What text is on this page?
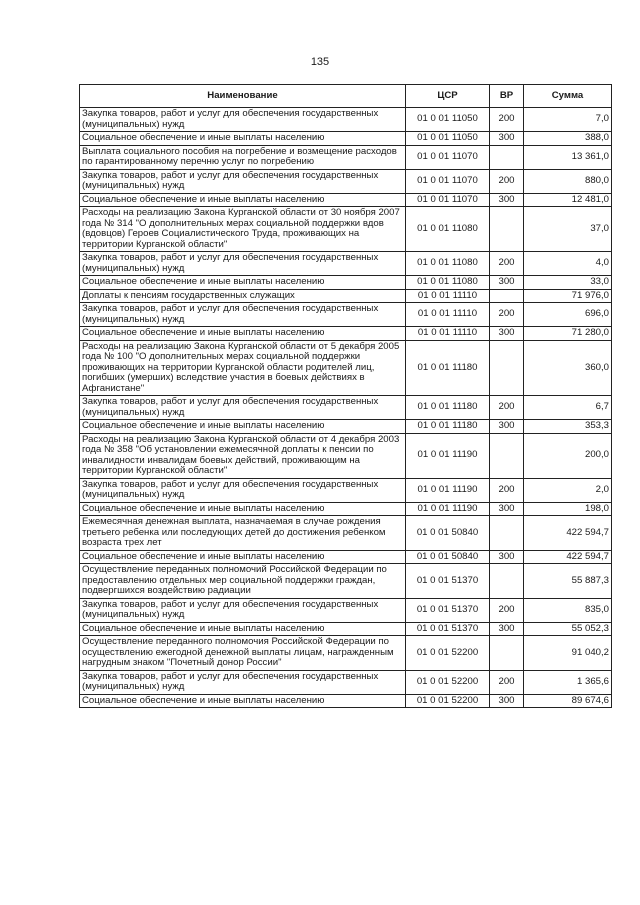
135
Наименование	ЦСР	ВР	Сумма
Закупка товаров, работ и услуг для обеспечения государственных (муниципальных) нужд	01 0 01 11050	200	7,0
Социальное обеспечение и иные выплаты населению	01 0 01 11050	300	388,0
Выплата социального пособия на погребение и возмещение расходов по гарантированному перечню услуг по погребению	01 0 01 11070		13 361,0
Закупка товаров, работ и услуг для обеспечения государственных (муниципальных) нужд	01 0 01 11070	200	880,0
Социальное обеспечение и иные выплаты населению	01 0 01 11070	300	12 481,0
Расходы на реализацию Закона Курганской области от 30 ноября 2007 года № 314 "О дополнительных мерах социальной поддержки вдов (вдовцов) Героев Социалистического Труда, проживающих на территории Курганской области"	01 0 01 11080		37,0
Закупка товаров, работ и услуг для обеспечения государственных (муниципальных) нужд	01 0 01 11080	200	4,0
Социальное обеспечение и иные выплаты населению	01 0 01 11080	300	33,0
Доплаты к пенсиям государственных служащих	01 0 01 11110		71 976,0
Закупка товаров, работ и услуг для обеспечения государственных (муниципальных) нужд	01 0 01 11110	200	696,0
Социальное обеспечение и иные выплаты населению	01 0 01 11110	300	71 280,0
Расходы на реализацию Закона Курганской области от 5 декабря 2005 года № 100 "О дополнительных мерах социальной поддержки проживающих на территории Курганской области родителей лиц, погибших (умерших) вследствие участия в боевых действиях в Афганистане"	01 0 01 11180		360,0
Закупка товаров, работ и услуг для обеспечения государственных (муниципальных) нужд	01 0 01 11180	200	6,7
Социальное обеспечение и иные выплаты населению	01 0 01 11180	300	353,3
Расходы на реализацию Закона Курганской области от 4 декабря 2003 года № 358 "Об установлении ежемесячной доплаты к пенсии по инвалидности инвалидам боевых действий, проживающим на территории Курганской области"	01 0 01 11190		200,0
Закупка товаров, работ и услуг для обеспечения государственных (муниципальных) нужд	01 0 01 11190	200	2,0
Социальное обеспечение и иные выплаты населению	01 0 01 11190	300	198,0
Ежемесячная денежная выплата, назначаемая в случае рождения третьего ребенка или последующих детей до достижения ребенком возраста трех лет	01 0 01 50840		422 594,7
Социальное обеспечение и иные выплаты населению	01 0 01 50840	300	422 594,7
Осуществление переданных полномочий Российской Федерации по предоставлению отдельных мер социальной поддержки граждан, подвергшихся воздействию радиации	01 0 01 51370		55 887,3
Закупка товаров, работ и услуг для обеспечения государственных (муниципальных) нужд	01 0 01 51370	200	835,0
Социальное обеспечение и иные выплаты населению	01 0 01 51370	300	55 052,3
Осуществление переданного полномочия Российской Федерации по осуществлению ежегодной денежной выплаты лицам, награжденным нагрудным знаком "Почетный донор России"	01 0 01 52200		91 040,2
Закупка товаров, работ и услуг для обеспечения государственных (муниципальных) нужд	01 0 01 52200	200	1 365,6
Социальное обеспечение и иные выплаты населению	01 0 01 52200	300	89 674,6
